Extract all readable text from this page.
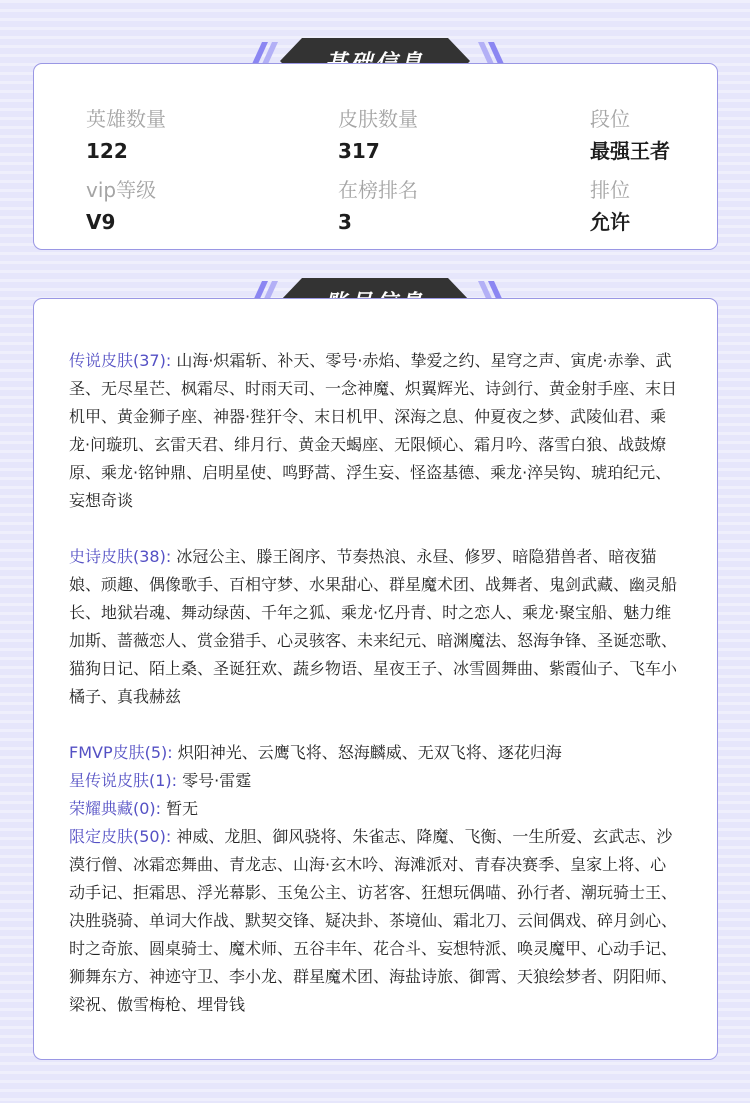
英雄数量
122
皮肤数量
317
段位
最强王者
vip等级
V9
在榜排名
3
排位
允许
传说皮肤(37): 山海·炽霜斩、补天、零号·赤焰、挚爱之约、星穹之声、寅虎·赤拳、武圣、无尽星芒、枫霜尽、时雨天司、一念神魔、炽翼辉光、诗剑行、黄金射手座、末日机甲、黄金狮子座、神器·狴犴令、末日机甲、深海之息、仲夏夜之梦、武陵仙君、乘龙·问璇玑、玄雷天君、绯月行、黄金天蝎座、无限倾心、霜月吟、落雪白狼、战鼓燎原、乘龙·铭钟鼎、启明星使、鸣野蒿、浮生妄、怪盗基德、乘龙·淬吴钩、琥珀纪元、妄想奇谈
史诗皮肤(38): 冰冠公主、滕王阁序、节奏热浪、永昼、修罗、暗隐猎兽者、暗夜猫娘、顽趣、偶像歌手、百相守梦、水果甜心、群星魔术团、战舞者、鬼剑武藏、幽灵船长、地狱岩魂、舞动绿茵、千年之狐、乘龙·忆丹青、时之恋人、乘龙·聚宝船、魅力维加斯、蔷薇恋人、赏金猎手、心灵骇客、未来纪元、暗渊魔法、怒海争锋、圣诞恋歌、猫狗日记、陌上桑、圣诞狂欢、蔬乡物语、星夜王子、冰雪圆舞曲、紫霞仙子、飞车小橘子、真我赫兹
FMVP皮肤(5): 炽阳神光、云鹰飞将、怒海麟威、无双飞将、逐花归海
星传说皮肤(1): 零号·雷霆
荣耀典藏(0): 暂无
限定皮肤(50): 神威、龙胆、御风骁将、朱雀志、降魔、飞衡、一生所爱、玄武志、沙漠行僧、冰霜恋舞曲、青龙志、山海·玄木吟、海滩派对、青春决赛季、皇家上将、心动手记、拒霜思、浮光幕影、玉兔公主、访茗客、狂想玩偶喵、孙行者、潮玩骑士王、决胜骁骑、单词大作战、默契交锋、疑决卦、茶境仙、霜北刀、云间偶戏、碎月剑心、时之奇旅、圆桌骑士、魔术师、五谷丰年、花合斗、妄想特派、唤灵魔甲、心动手记、狮舞东方、神迹守卫、李小龙、群星魔术团、海盐诗旅、御霄、天狼绘梦者、阴阳师、梁祝、傲雪梅枪、埋骨钱
